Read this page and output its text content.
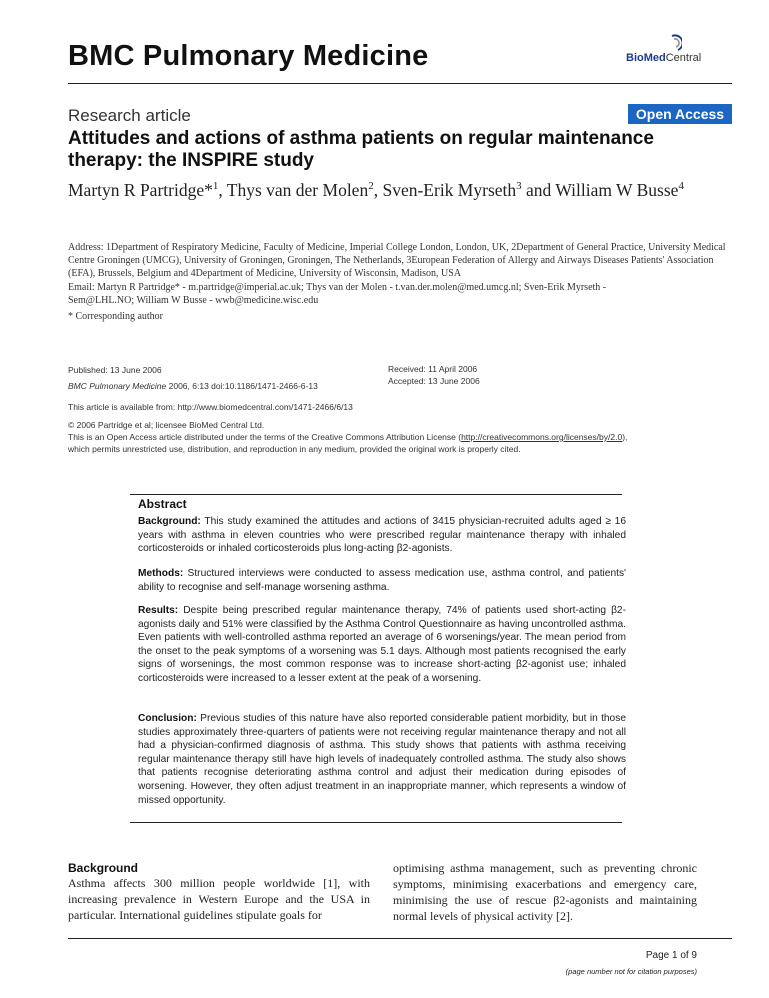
BMC Pulmonary Medicine	BioMedCentral
Research article	Open Access
Attitudes and actions of asthma patients on regular maintenance therapy: the INSPIRE study
Martyn R Partridge*$^1$, Thys van der Molen$^2$, Sven-Erik Myrseth$^3$ and William W Busse$^4$
Address: 1Department of Respiratory Medicine, Faculty of Medicine, Imperial College London, London, UK, 2Department of General Practice, University Medical Centre Groningen (UMCG), University of Groningen, Groningen, The Netherlands, 3European Federation of Allergy and Airways Diseases Patients' Association (EFA), Brussels, Belgium and 4Department of Medicine, University of Wisconsin, Madison, USA
Email: Martyn R Partridge* - m.partridge@imperial.ac.uk; Thys van der Molen - t.van.der.molen@med.umcg.nl; Sven-Erik Myrseth - Sem@LHL.NO; William W Busse - wwb@medicine.wisc.edu
* Corresponding author
Published: 13 June 2006	Received: 11 April 2006
Accepted: 13 June 2006
BMC Pulmonary Medicine 2006, 6:13 doi:10.1186/1471-2466-6-13
This article is available from: http://www.biomedcentral.com/1471-2466/6/13
© 2006 Partridge et al; licensee BioMed Central Ltd.
This is an Open Access article distributed under the terms of the Creative Commons Attribution License (http://creativecommons.org/licenses/by/2.0),
which permits unrestricted use, distribution, and reproduction in any medium, provided the original work is properly cited.
Abstract
Background: This study examined the attitudes and actions of 3415 physician-recruited adults aged ≥ 16 years with asthma in eleven countries who were prescribed regular maintenance therapy with inhaled corticosteroids or inhaled corticosteroids plus long-acting β2-agonists.
Methods: Structured interviews were conducted to assess medication use, asthma control, and patients' ability to recognise and self-manage worsening asthma.
Results: Despite being prescribed regular maintenance therapy, 74% of patients used short-acting β2-agonists daily and 51% were classified by the Asthma Control Questionnaire as having uncontrolled asthma. Even patients with well-controlled asthma reported an average of 6 worsenings/year. The mean period from the onset to the peak symptoms of a worsening was 5.1 days. Although most patients recognised the early signs of worsenings, the most common response was to increase short-acting β2-agonist use; inhaled corticosteroids were increased to a lesser extent at the peak of a worsening.
Conclusion: Previous studies of this nature have also reported considerable patient morbidity, but in those studies approximately three-quarters of patients were not receiving regular maintenance therapy and not all had a physician-confirmed diagnosis of asthma. This study shows that patients with asthma receiving regular maintenance therapy still have high levels of inadequately controlled asthma. The study also shows that patients recognise deteriorating asthma control and adjust their medication during episodes of worsening. However, they often adjust treatment in an inappropriate manner, which represents a window of missed opportunity.
Background
Asthma affects 300 million people worldwide [1], with increasing prevalence in Western Europe and the USA in particular. International guidelines stipulate goals for
optimising asthma management, such as preventing chronic symptoms, minimising exacerbations and emergency care, minimising the use of rescue β2-agonists and maintaining normal levels of physical activity [2].
Page 1 of 9
(page number not for citation purposes)
